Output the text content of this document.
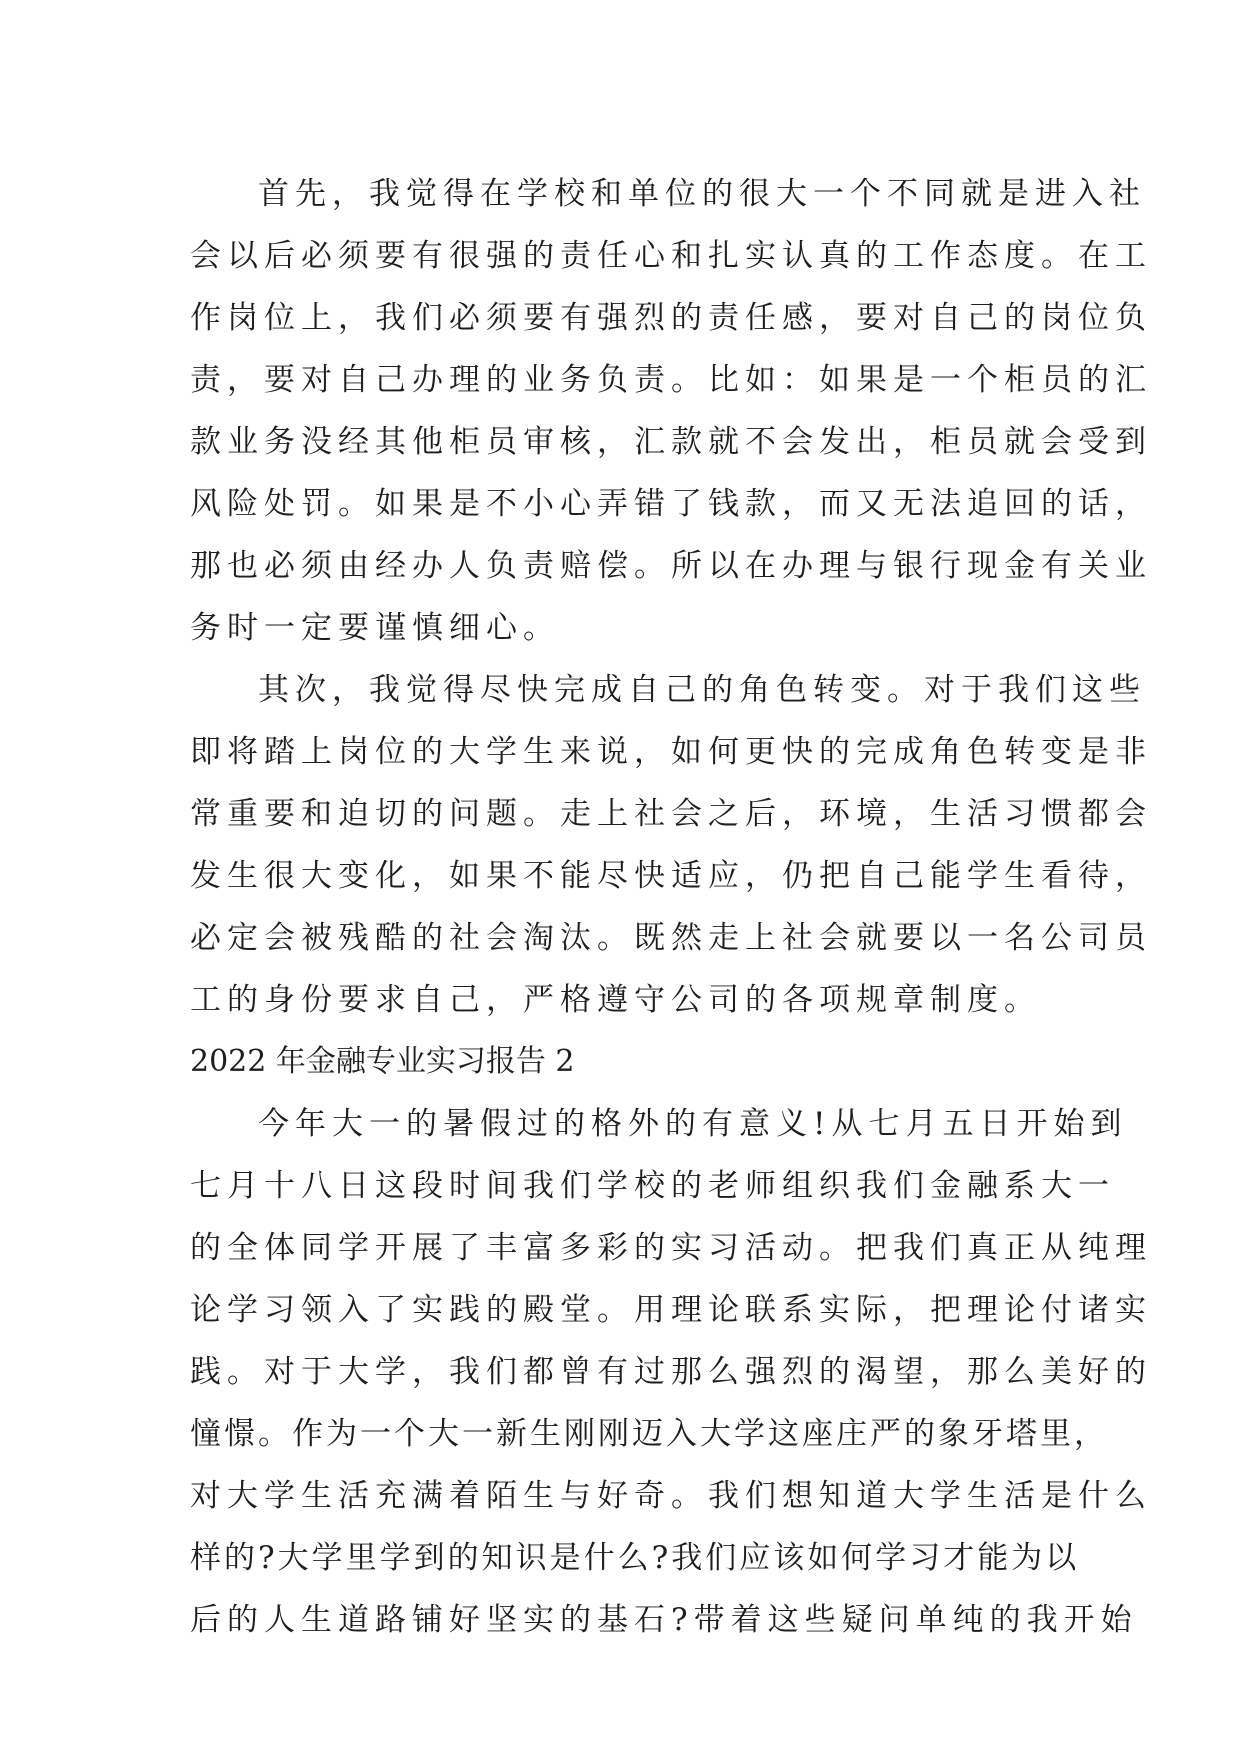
首先，我觉得在学校和单位的很大一个不同就是进入社
会以后必须要有很强的责任心和扎实认真的工作态度。在工
作岗位上，我们必须要有强烈的责任感，要对自己的岗位负
责，要对自己办理的业务负责。比如：如果是一个柜员的汇
款业务没经其他柜员审核，汇款就不会发出，柜员就会受到
风险处罚。如果是不小心弄错了钱款，而又无法追回的话，
那也必须由经办人负责赔偿。所以在办理与银行现金有关业
务时一定要谨慎细心。
其次，我觉得尽快完成自己的角色转变。对于我们这些
即将踏上岗位的大学生来说，如何更快的完成角色转变是非
常重要和迫切的问题。走上社会之后，环境，生活习惯都会
发生很大变化，如果不能尽快适应，仍把自己能学生看待，
必定会被残酷的社会淘汰。既然走上社会就要以一名公司员
工的身份要求自己，严格遵守公司的各项规章制度。
2022 年金融专业实习报告 2
今年大一的暑假过的格外的有意义!从七月五日开始到
七月十八日这段时间我们学校的老师组织我们金融系大一
的全体同学开展了丰富多彩的实习活动。把我们真正从纯理
论学习领入了实践的殿堂。用理论联系实际，把理论付诸实
践。对于大学，我们都曾有过那么强烈的渴望，那么美好的
憧憬。作为一个大一新生刚刚迈入大学这座庄严的象牙塔里，
对大学生活充满着陌生与好奇。我们想知道大学生活是什么
样的?大学里学到的知识是什么?我们应该如何学习才能为以
后的人生道路铺好坚实的基石?带着这些疑问单纯的我开始
